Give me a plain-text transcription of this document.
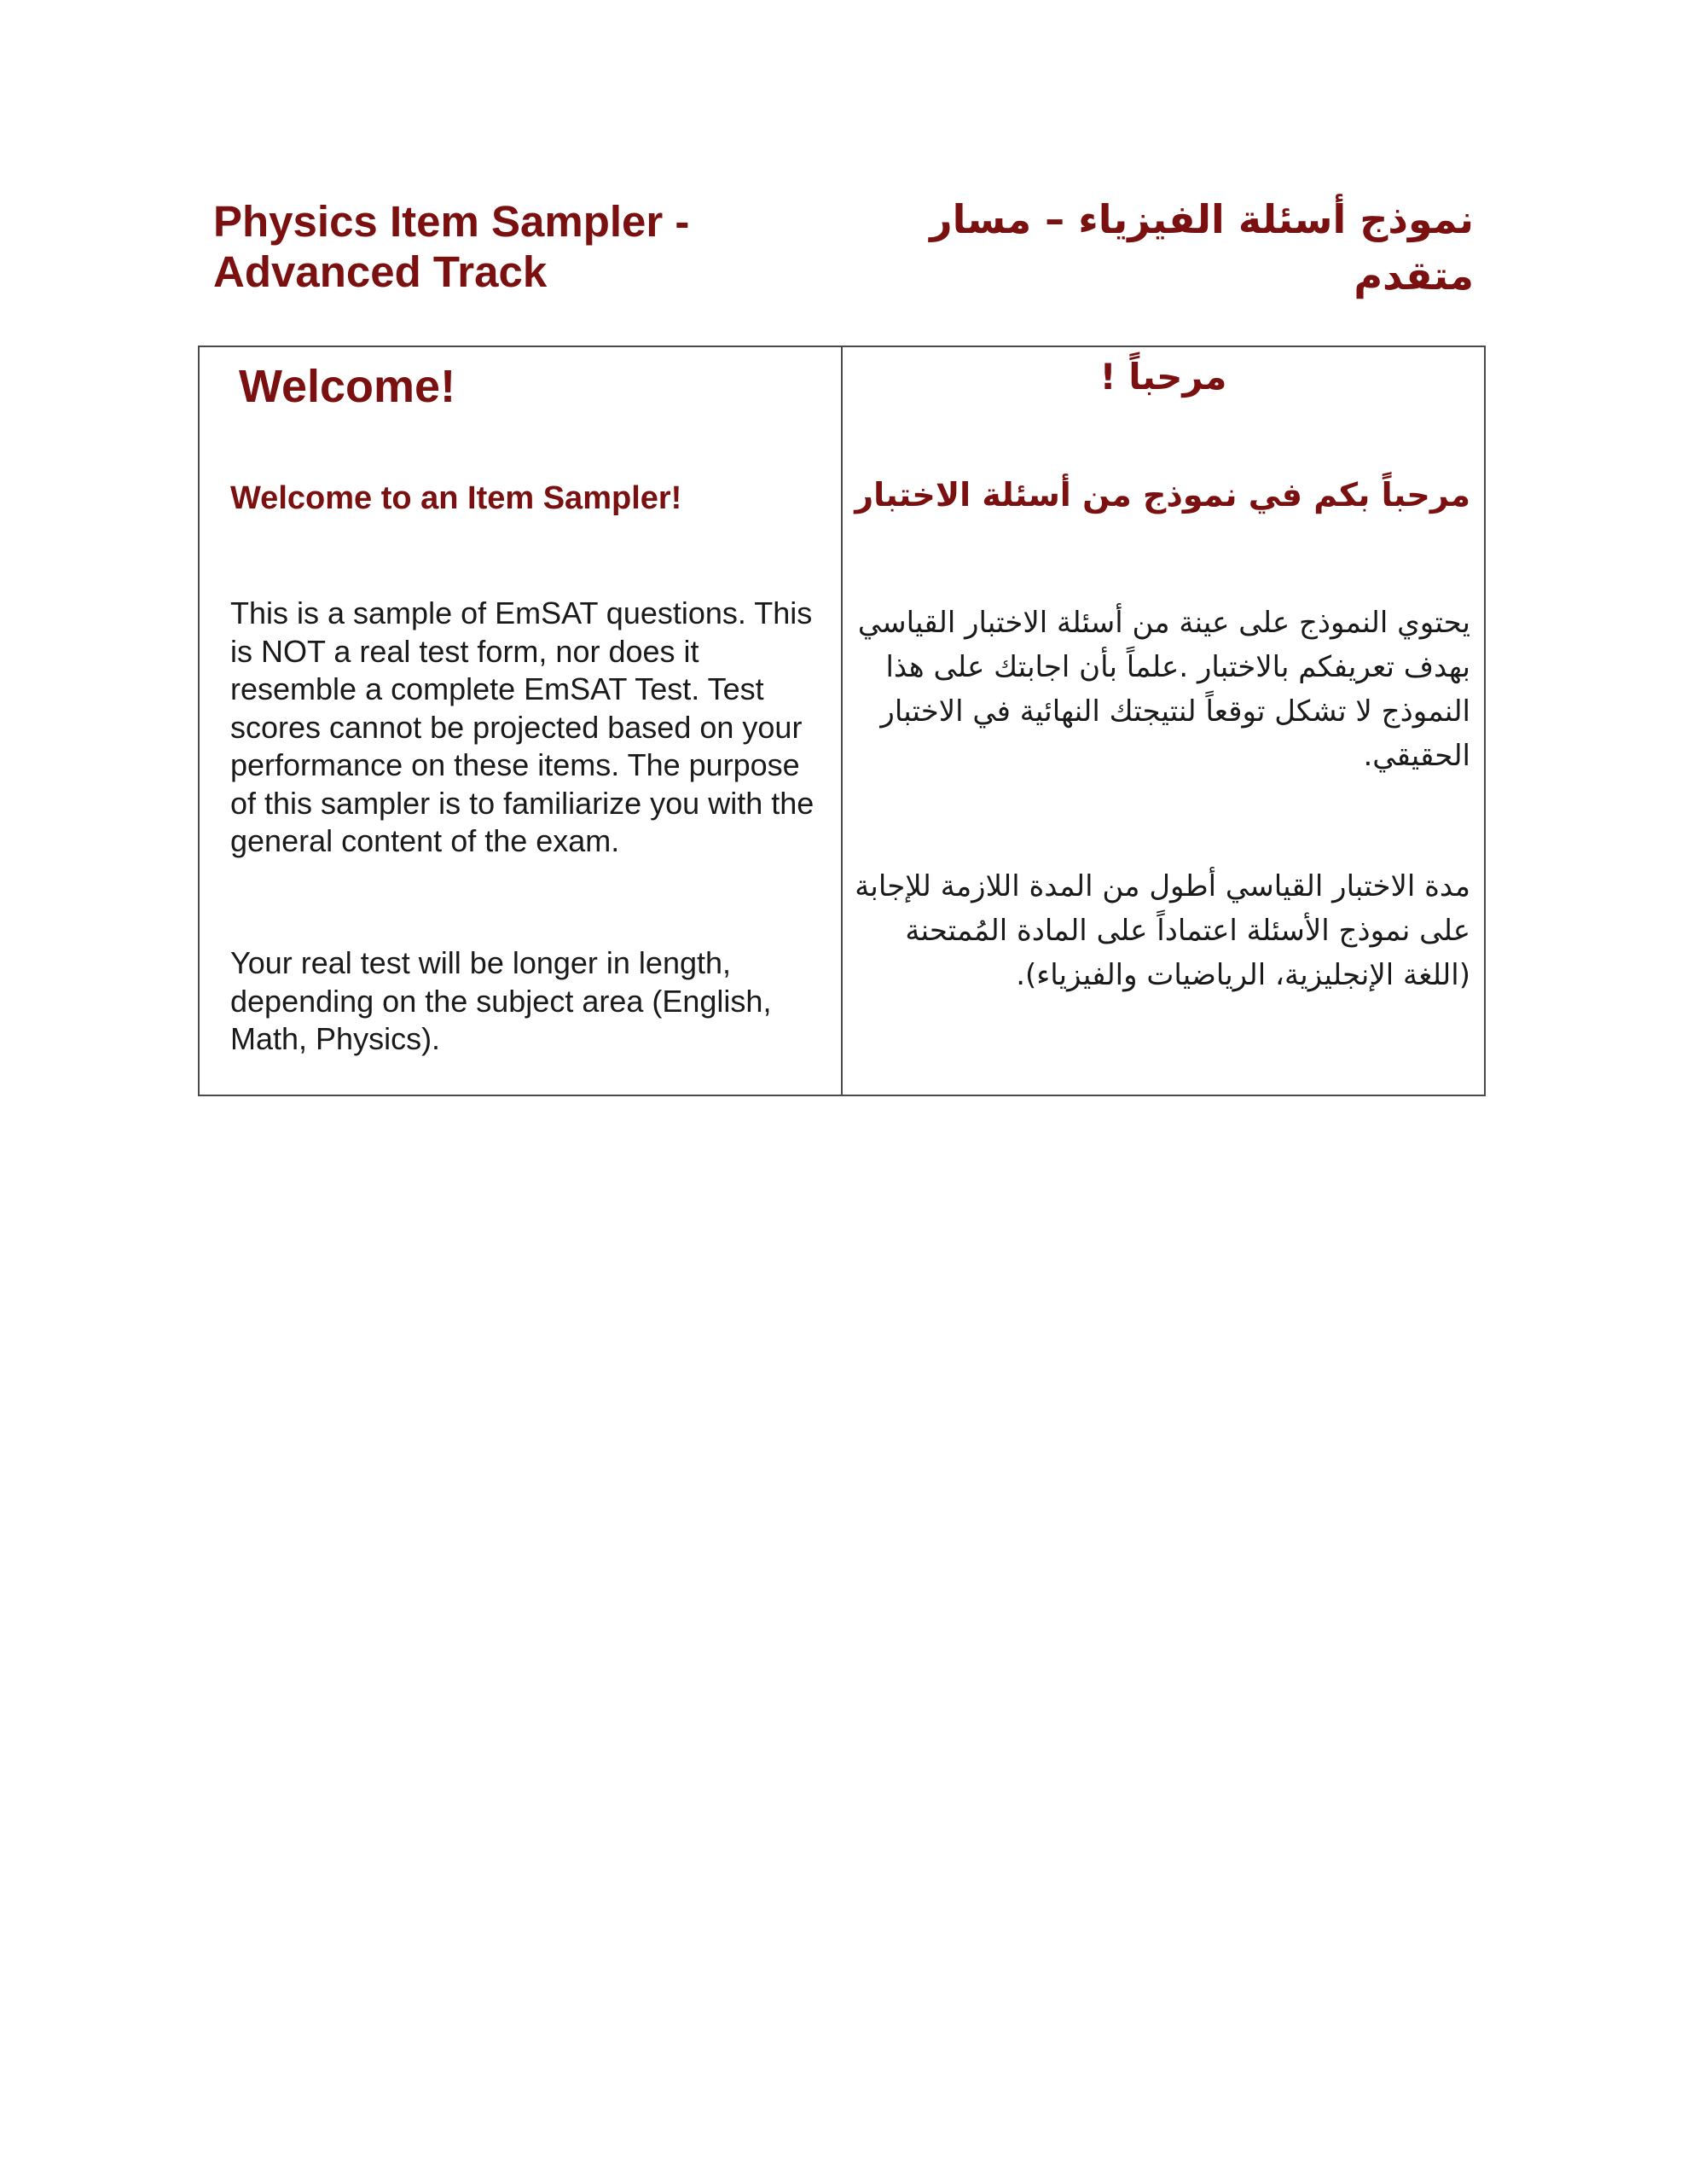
Physics Item Sampler - Advanced Track
نموذج أسئلة الفيزياء – مسار متقدم
Welcome!
Welcome to an Item Sampler!

This is a sample of EmSAT questions. This is NOT a real test form, nor does it resemble a complete EmSAT Test. Test scores cannot be projected based on your performance on these items. The purpose of this sampler is to familiarize you with the general content of the exam.

Your real test will be longer in length, depending on the subject area (English, Math, Physics).

مرحباً !
مرحباً بكم في نموذج من أسئلة الاختبار

يحتوي النموذج على عينة من أسئلة الاختبار القياسي بهدف تعريفكم بالاختبار .علماً بأن اجابتك على هذا النموذج لا تشكل توقعاً لنتيجتك النهائية في الاختبار الحقيقي.

مدة الاختبار القياسي أطول من المدة اللازمة للإجابة على نموذج الأسئلة اعتماداً على المادة المُمتحنة (اللغة الإنجليزية، الرياضيات والفيزياء).
